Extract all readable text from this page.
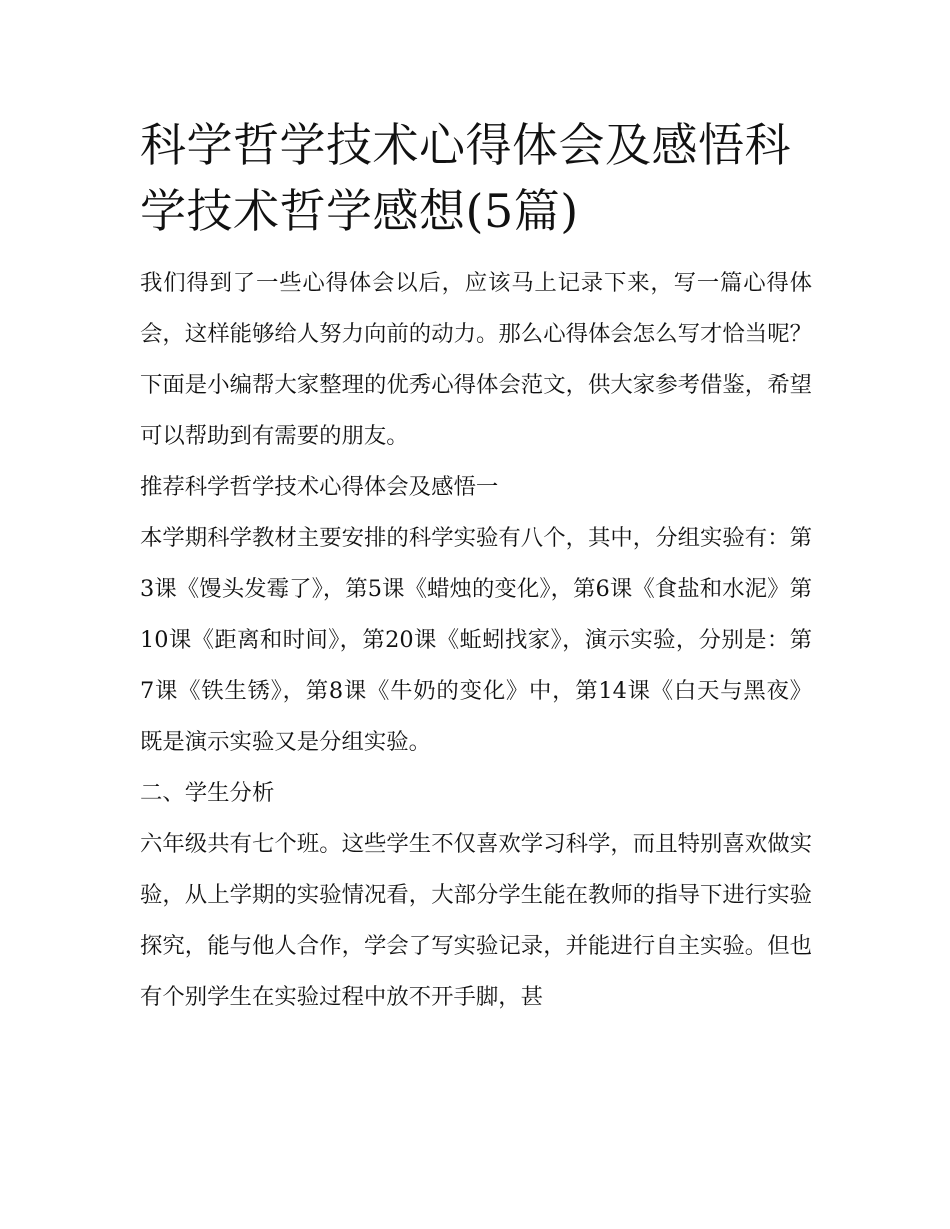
科学哲学技术心得体会及感悟科学技术哲学感想(5篇)

我们得到了一些心得体会以后，应该马上记录下来，写一篇心得体会，这样能够给人努力向前的动力。那么心得体会怎么写才恰当呢？下面是小编帮大家整理的优秀心得体会范文，供大家参考借鉴，希望可以帮助到有需要的朋友。

推荐科学哲学技术心得体会及感悟一

本学期科学教材主要安排的科学实验有八个，其中，分组实验有：第3课《馒头发霉了》，第5课《蜡烛的变化》，第6课《食盐和水泥》第10课《距离和时间》，第20课《蚯蚓找家》，演示实验，分别是：第7课《铁生锈》，第8课《牛奶的变化》中，第14课《白天与黑夜》既是演示实验又是分组实验。

二、学生分析

六年级共有七个班。这些学生不仅喜欢学习科学，而且特别喜欢做实验，从上学期的实验情况看，大部分学生能在教师的指导下进行实验探究，能与他人合作，学会了写实验记录，并能进行自主实验。但也有个别学生在实验过程中放不开手脚，甚
